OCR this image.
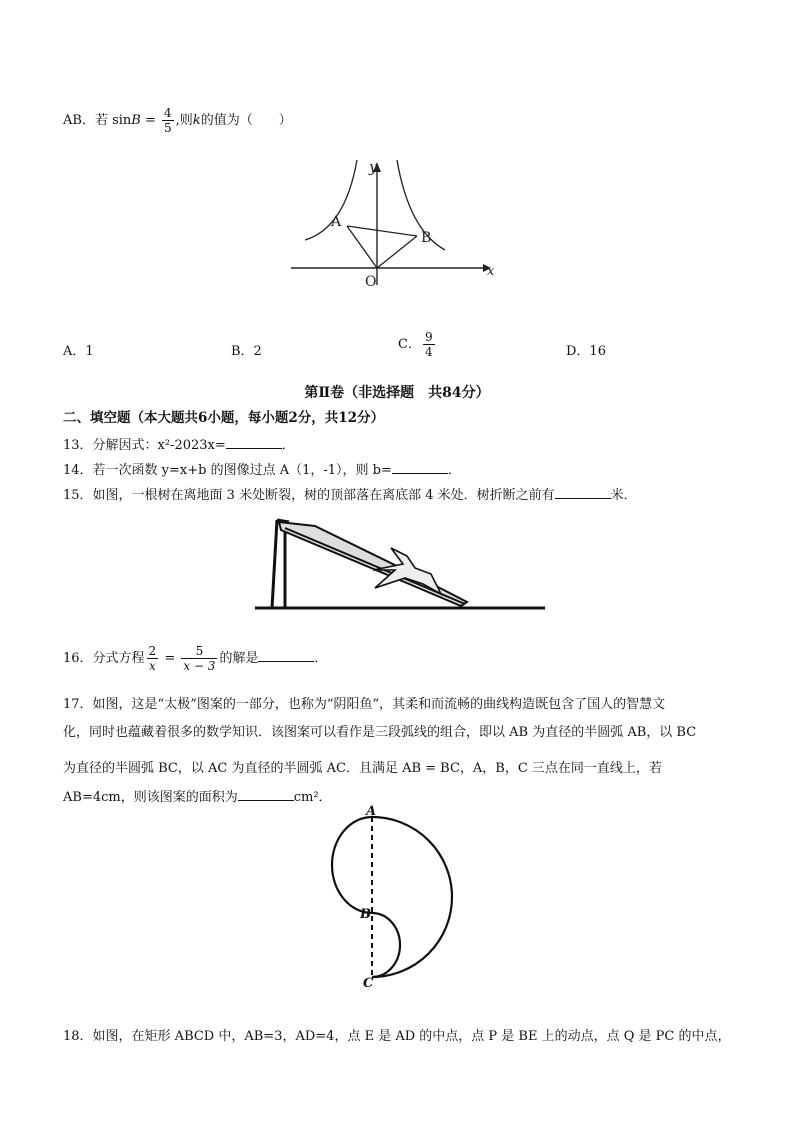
AB．若 $\sin B = \frac{4}{5}$ ,则k的值为（　　）
y
x
A
B
O
A．1	B．2	C． $\frac{9}{4}$	D．16
第Ⅱ卷（非选择题　共84分）
二、填空题（本大题共6小题，每小题2分，共12分）
13．分解因式：x²-2023x=	．
14．若一次函数 y=x+b 的图像过点 A（1，-1），则 b=	．
15．如图，一根树在离地面 3 米处断裂，树的顶部落在离底部 4 米处．树折断之前有	米．
16．分式方程 $\frac{2}{x} = \frac{5}{x - 3}$ 的解是	．
17．如图，这是“太极”图案的一部分，也称为“阴阳鱼”，其柔和而流畅的曲线构造既包含了国人的智慧文
化，同时也蕴藏着很多的数学知识．该图案可以看作是三段弧线的组合，即以 AB 为直径的半圆弧 AB，以 BC
为直径的半圆弧 BC，以 AC 为直径的半圆弧 AC．且满足 AB = BC，A，B，C 三点在同一直线上，若
AB=4cm，则该图案的面积为	cm²．
A
B
C
18．如图，在矩形 ABCD 中，AB=3，AD=4，点 E 是 AD 的中点，点 P 是 BE 上的动点，点 Q 是 PC 的中点，
